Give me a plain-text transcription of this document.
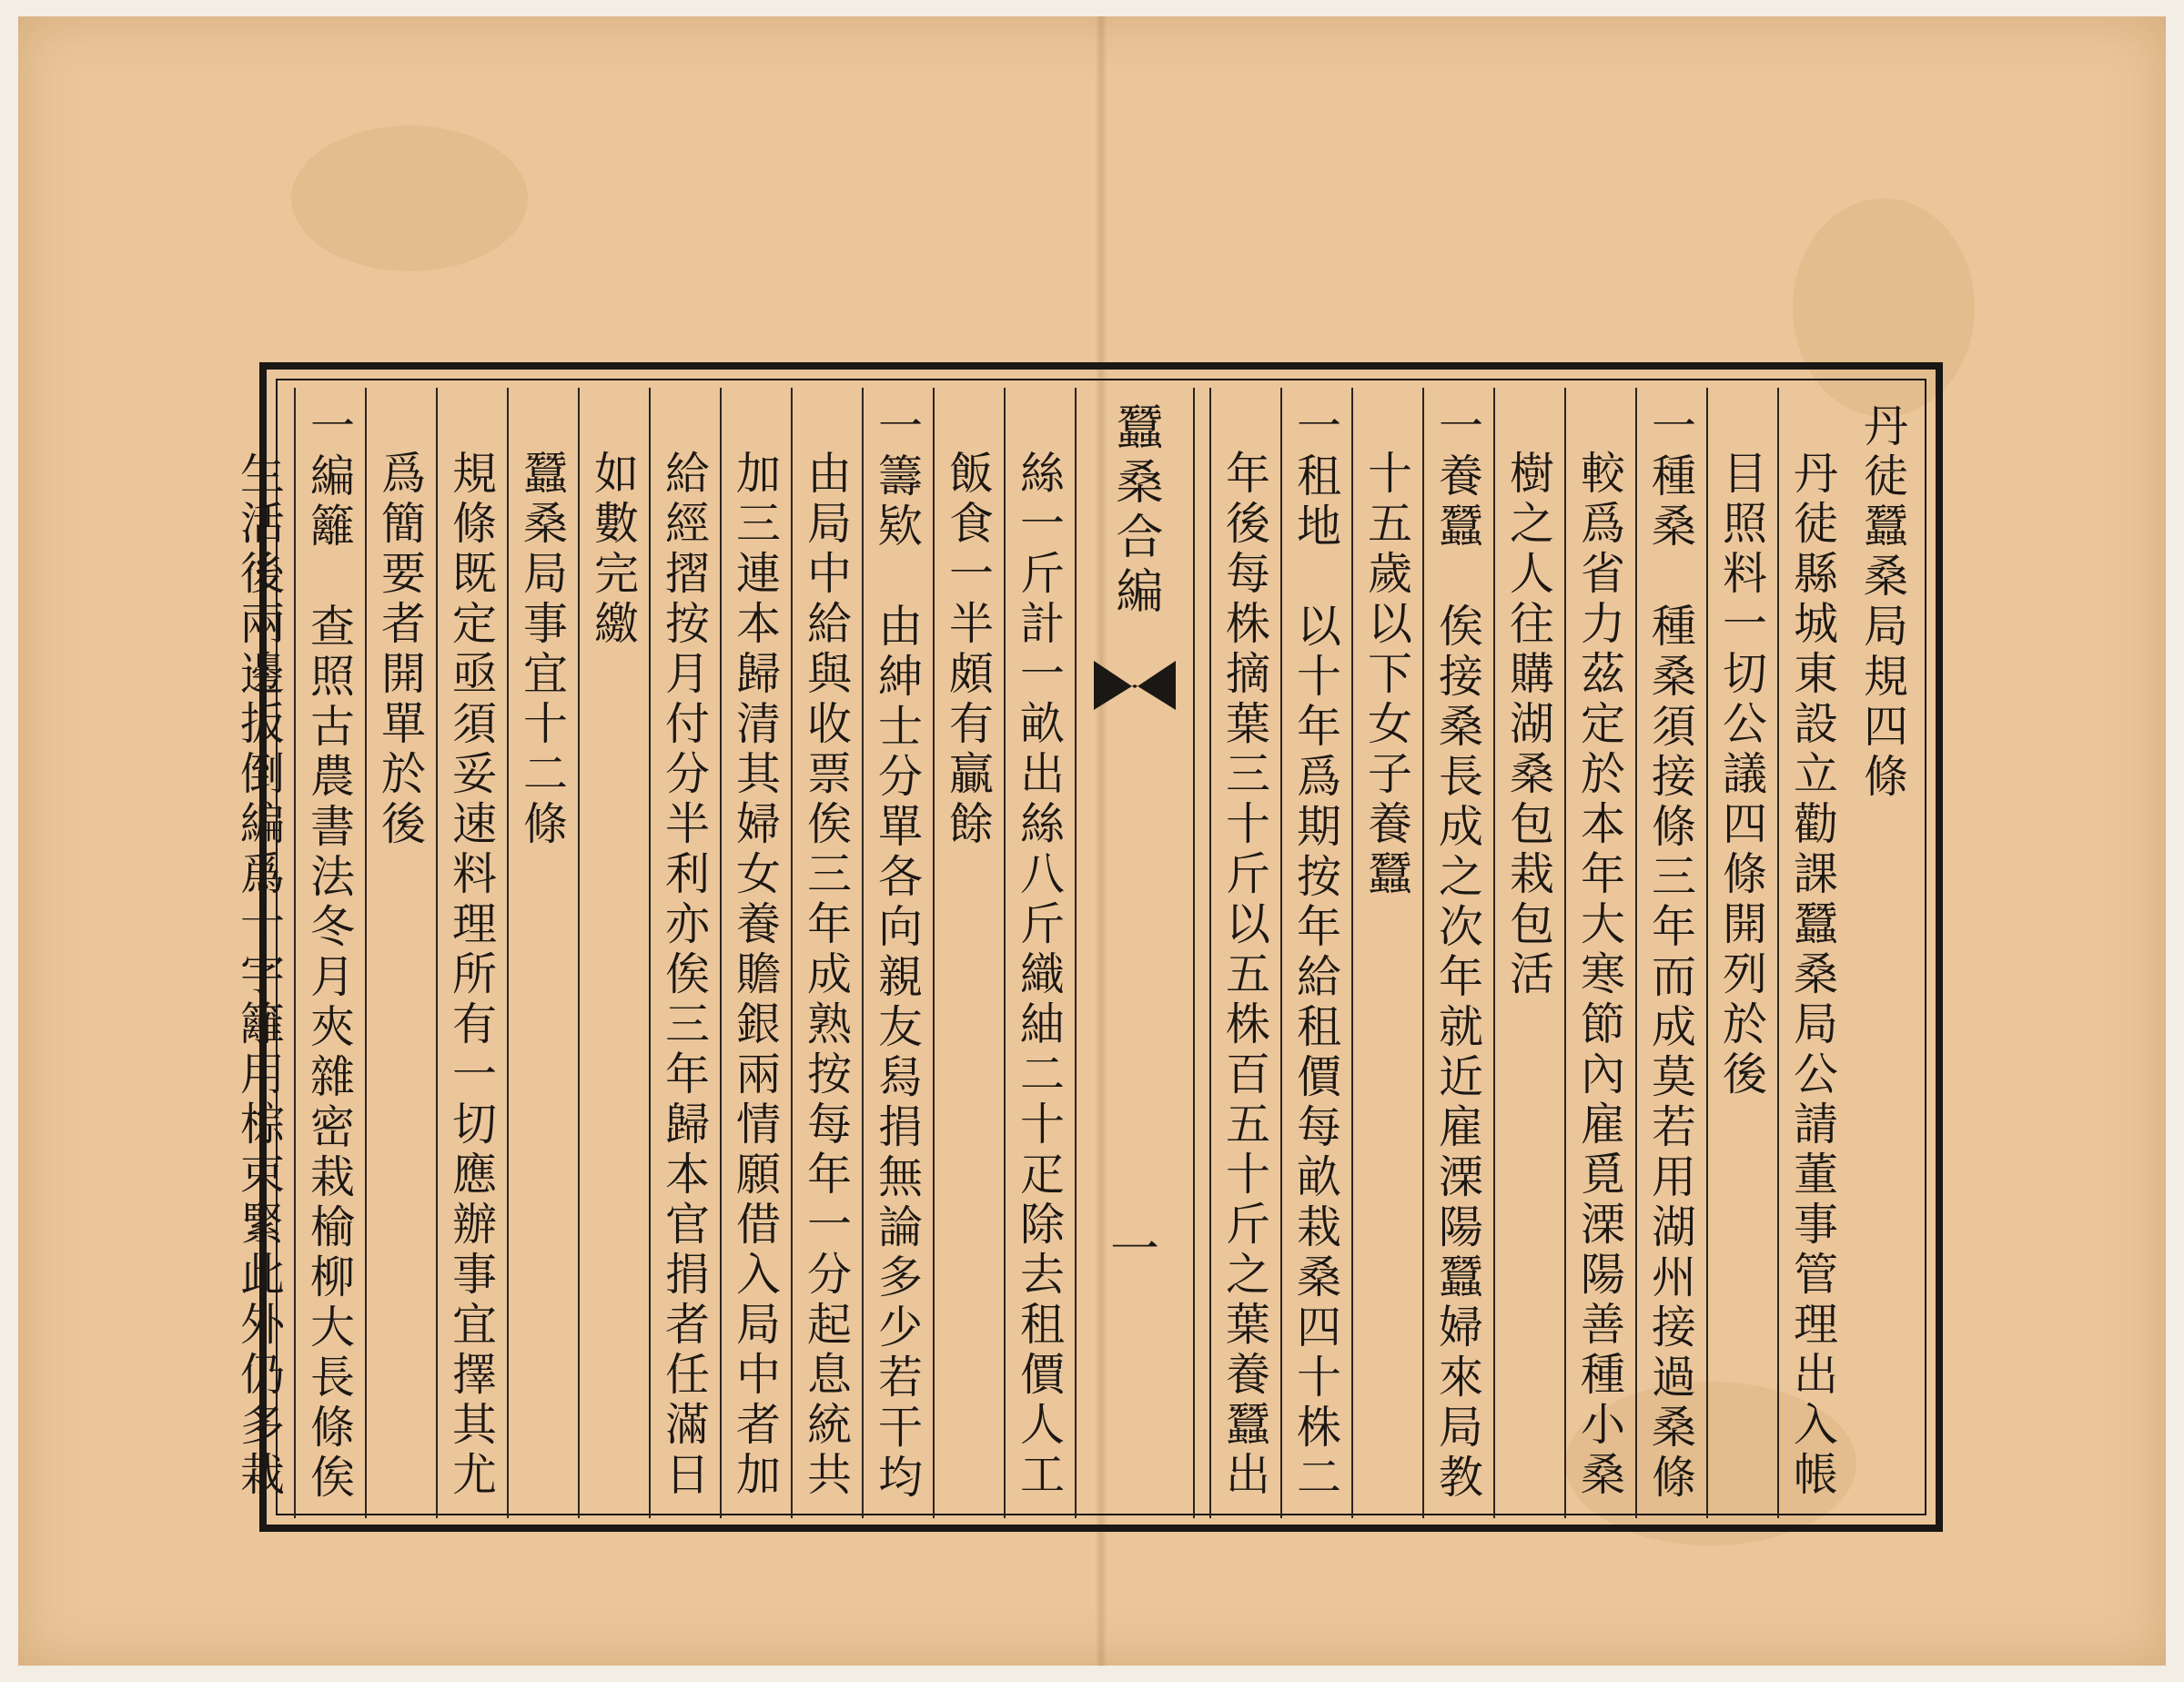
丹徒蠶桑局規四條
丹徒縣城東設立勸課蠶桑局公請董事管理出入帳
目照料一切公議四條開列於後
一種桑　種桑須接條三年而成莫若用湖州接過桑條
較爲省力茲定於本年大寒節內雇覓溧陽善種小桑
樹之人往購湖桑包栽包活
一養蠶　俟接桑長成之次年就近雇溧陽蠶婦來局教
十五歲以下女子養蠶
一租地　以十年爲期按年給租價每畝栽桑四十株二
年後每株摘葉三十斤以五株百五十斤之葉養蠶出
蠶桑合編
一
絲一斤計一畝出絲八斤織紬二十疋除去租價人工
飯食一半頗有贏餘
一籌欵　由紳士分單各向親友舄捐無論多少若干均
由局中給與收票俟三年成熟按每年一分起息統共
加三連本歸清其婦女養贍銀兩情願借入局中者加
給經摺按月付分半利亦俟三年歸本官捐者任滿日
如數完繳
蠶桑局事宜十二條
規條既定亟須妥速料理所有一切應辦事宜擇其尤
爲簡要者開單於後
一編籬　查照古農書法冬月夾雜密栽榆柳大長條俟
生活後兩邊扳倒編爲十字籬用棕束緊此外仍多栽
